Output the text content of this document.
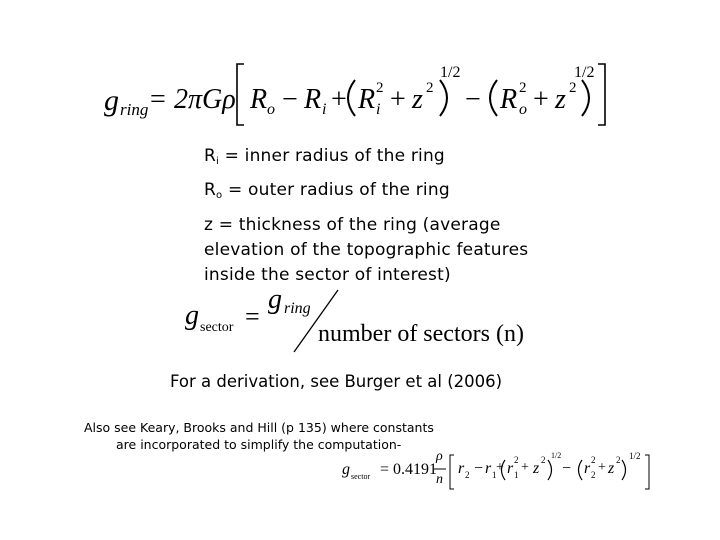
g ring = 2πGρ R o − R i + R 2
i + z 2
1/2
− R 2
o + z 2
1/2
$R_i$ = inner radius of the ring
$R_o$ = outer radius of the ring
z = thickness of the ring (average
elevation of the topographic features
inside the sector of interest)
g sector =
g ring
number of sectors (n)
For a derivation, see Burger et al (2006)
Also see Keary, Brooks and Hill (p 135) where constants
are incorporated to simplify the computation-
g sector = 0.4191
ρ
n
r 2 − r 1 + r 2
1 + z 2 1/2
− r 2
2 + z 2 1/2
